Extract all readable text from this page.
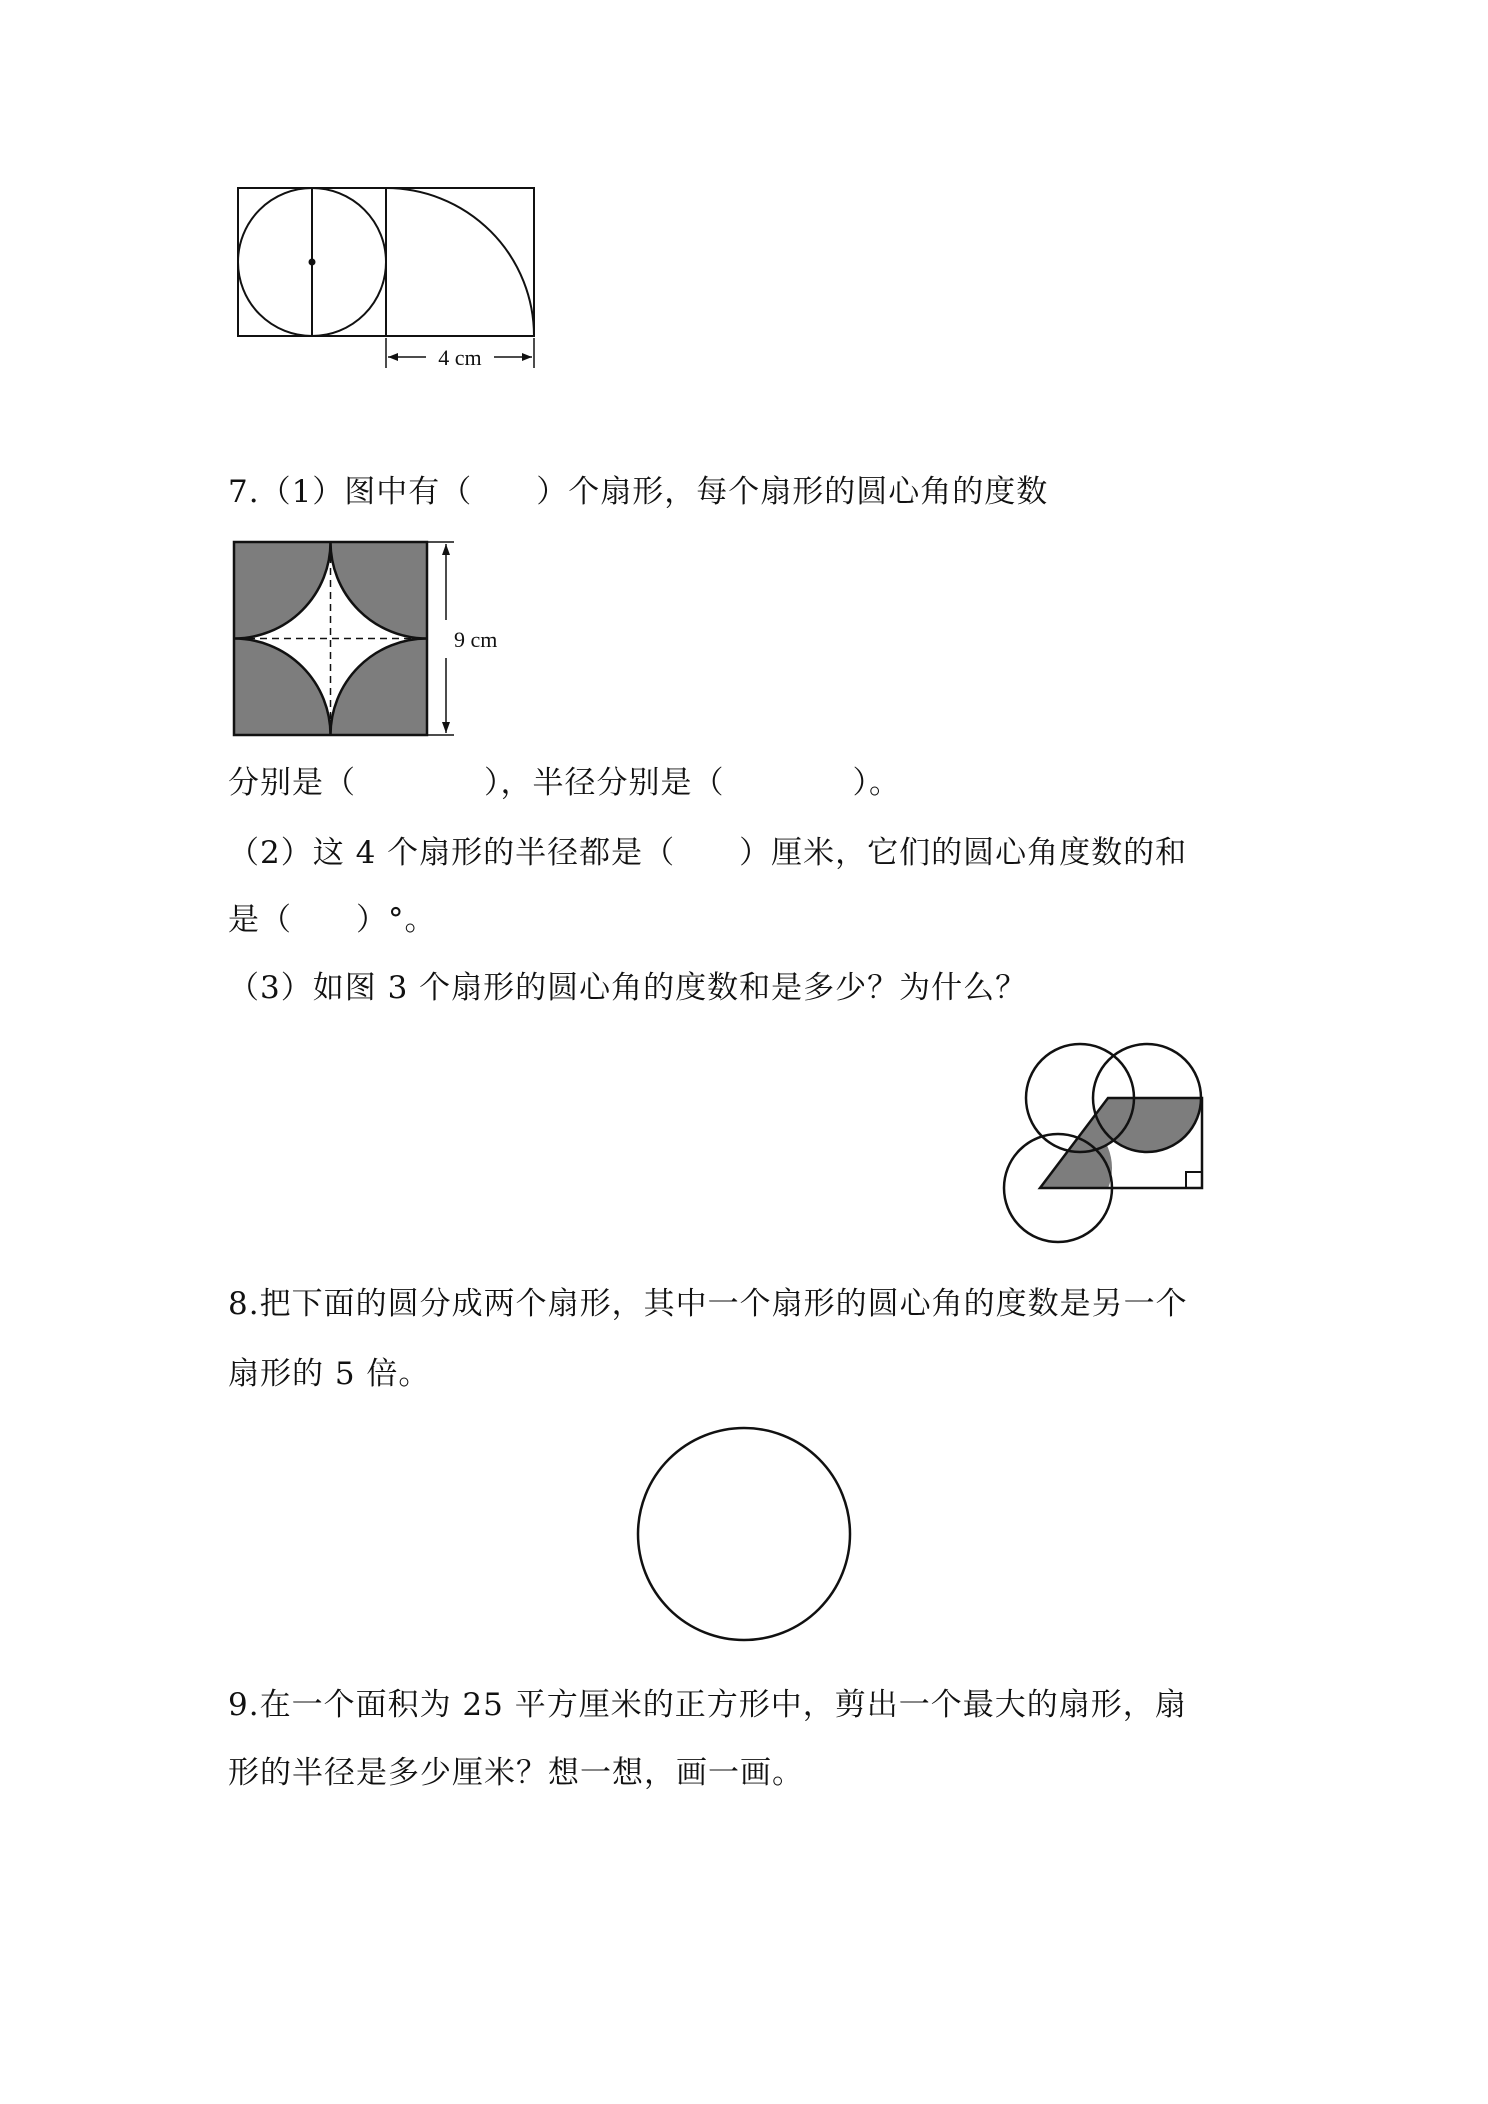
4 cm
7.（1）图中有（　　）个扇形，每个扇形的圆心角的度数
9 cm
分别是（　　　　），半径分别是（　　　　）。
（2）这 4 个扇形的半径都是（　　）厘米，它们的圆心角度数的和
是（　　）°。
（3）如图 3 个扇形的圆心角的度数和是多少？为什么？
8.把下面的圆分成两个扇形，其中一个扇形的圆心角的度数是另一个
扇形的 5 倍。
9.在一个面积为 25 平方厘米的正方形中，剪出一个最大的扇形，扇
形的半径是多少厘米？想一想，画一画。
